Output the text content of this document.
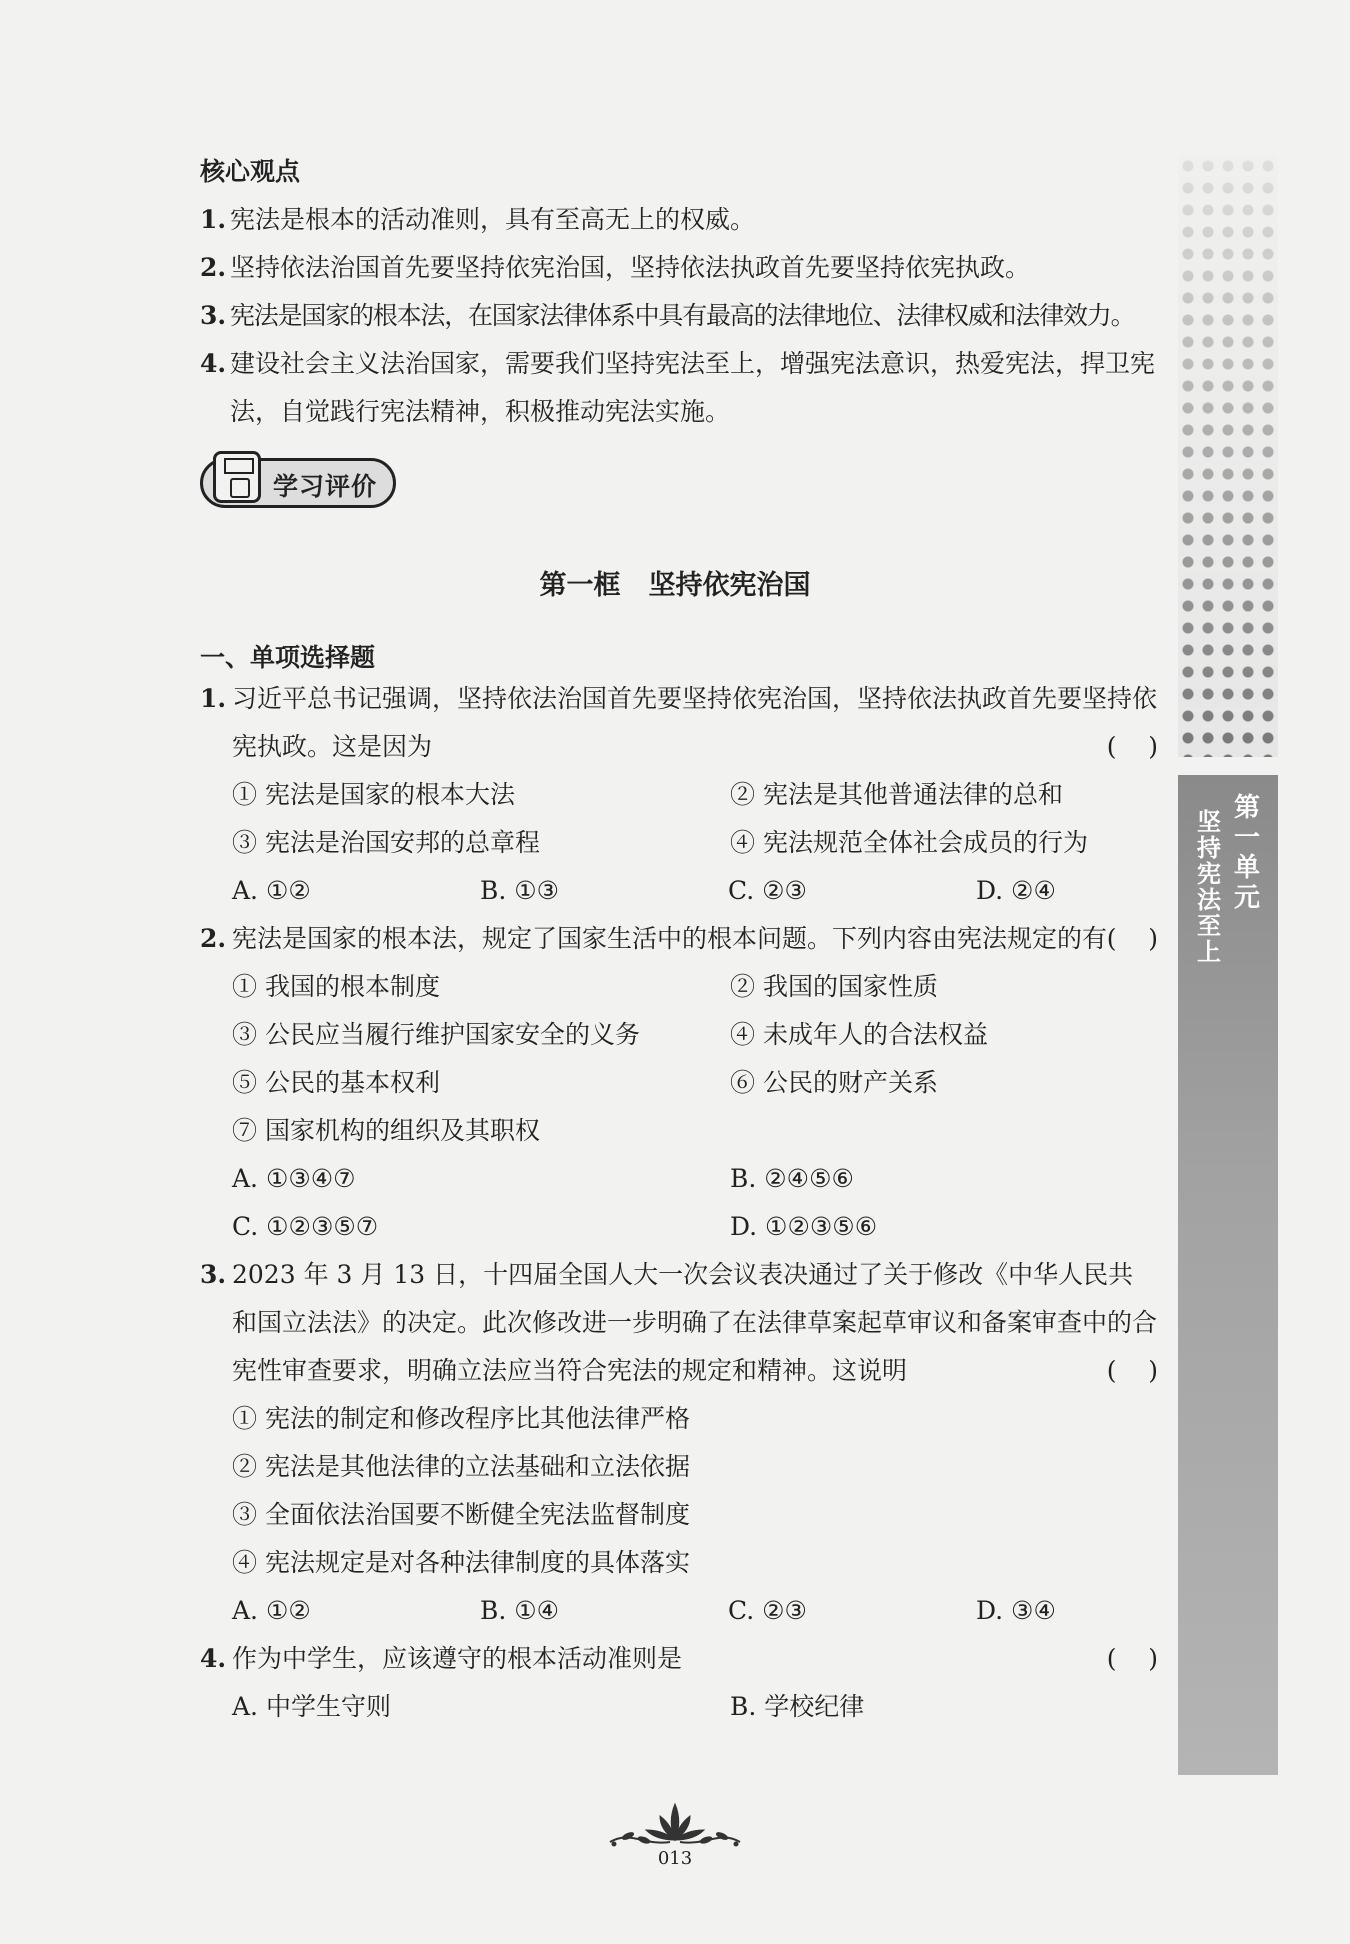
核心观点
1. 宪法是根本的活动准则，具有至高无上的权威。
2. 坚持依法治国首先要坚持依宪治国，坚持依法执政首先要坚持依宪执政。
3. 宪法是国家的根本法，在国家法律体系中具有最高的法律地位、法律权威和法律效力。
4. 建设社会主义法治国家，需要我们坚持宪法至上，增强宪法意识，热爱宪法，捍卫宪法，自觉践行宪法精神，积极推动宪法实施。
学习评价
第一框 坚持依宪治国
一、单项选择题
1. 习近平总书记强调，坚持依法治国首先要坚持依宪治国，坚持依法执政首先要坚持依宪执政。这是因为
( )
① 宪法是国家的根本大法	② 宪法是其他普通法律的总和
③ 宪法是治国安邦的总章程	④ 宪法规范全体社会成员的行为
A. ①②	B. ①③	C. ②③	D. ②④
2. 宪法是国家的根本法，规定了国家生活中的根本问题。下列内容由宪法规定的有
( )
① 我国的根本制度	② 我国的国家性质
③ 公民应当履行维护国家安全的义务	④ 未成年人的合法权益
⑤ 公民的基本权利	⑥ 公民的财产关系
⑦ 国家机构的组织及其职权
A. ①③④⑦	B. ②④⑤⑥
C. ①②③⑤⑦	D. ①②③⑤⑥
3. 2023 年 3 月 13 日，十四届全国人大一次会议表决通过了关于修改《中华人民共和国立法法》的决定。此次修改进一步明确了在法律草案起草审议和备案审查中的合宪性审查要求，明确立法应当符合宪法的规定和精神。这说明
( )
① 宪法的制定和修改程序比其他法律严格
② 宪法是其他法律的立法基础和立法依据
③ 全面依法治国要不断健全宪法监督制度
④ 宪法规定是对各种法律制度的具体落实
A. ①②	B. ①④	C. ②③	D. ③④
4. 作为中学生，应该遵守的根本活动准则是
( )
A. 中学生守则	B. 学校纪律
第一单元
坚持宪法至上
013
